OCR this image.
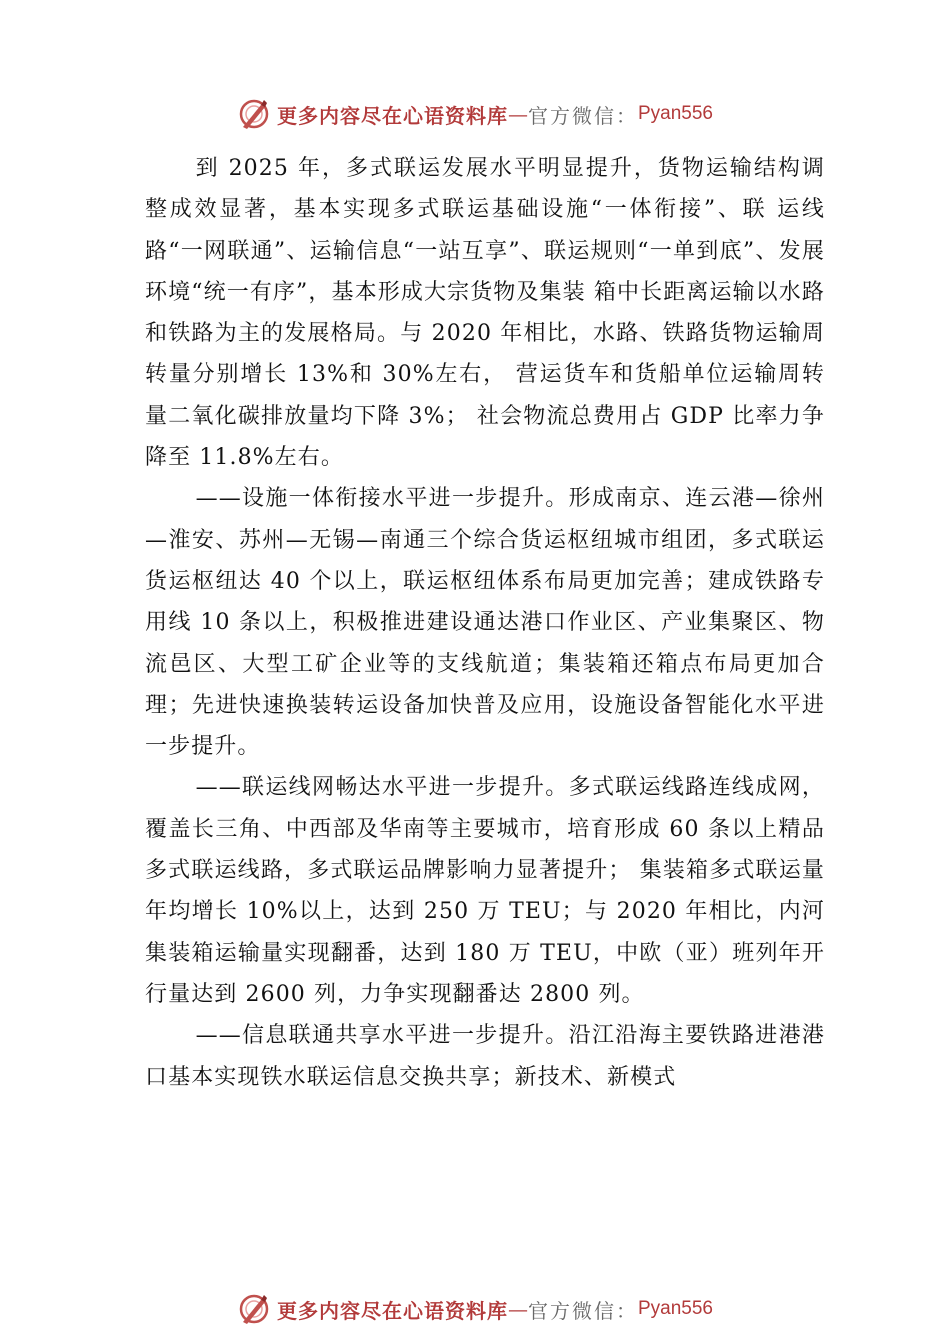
更多内容尽在心语资料库 — 官方微信： Pyan556

到 2025 年，多式联运发展水平明显提升，货物运输结构调整成效显著，基本实现多式联运基础设施“一体衔接”、联 运线路“一网联通”、运输信息“一站互享”、联运规则“一单到底”、发展环境“统一有序”，基本形成大宗货物及集装 箱中长距离运输以水路和铁路为主的发展格局。与 2020 年相比，水路、铁路货物运输周转量分别增长 13%和 30%左右， 营运货车和货船单位运输周转量二氧化碳排放量均下降 3%； 社会物流总费用占 GDP 比率力争降至 11.8%左右。

——设施一体衔接水平进一步提升。形成南京、连云港—徐州—淮安、苏州—无锡—南通三个综合货运枢纽城市组团，多式联运货运枢纽达 40 个以上，联运枢纽体系布局更加完善；建成铁路专用线 10 条以上，积极推进建设通达港口作业区、产业集聚区、物流⾢区、大型工矿企业等的支线航道；集装箱还箱点布局更加合理；先进快速换装转运设备加快普及应用，设施设备智能化水平进一步提升。

——联运线网畅达水平进一步提升。多式联运线路连线成网，覆盖长三角、中西部及华南等主要城市，培育形成 60 条以上精品多式联运线路，多式联运品牌影响力显著提升； 集装箱多式联运量年均增长 10%以上，达到 250 万 TEU；与 2020 年相比，内河集装箱运输量实现翻番，达到 180 万 TEU，中欧（亚）班列年开行量达到 2600 列，力争实现翻番达 2800 列。

——信息联通共享水平进一步提升。沿江沿海主要铁路进港港口基本实现铁水联运信息交换共享；新技术、新模式

更多内容尽在心语资料库 — 官方微信： Pyan556
